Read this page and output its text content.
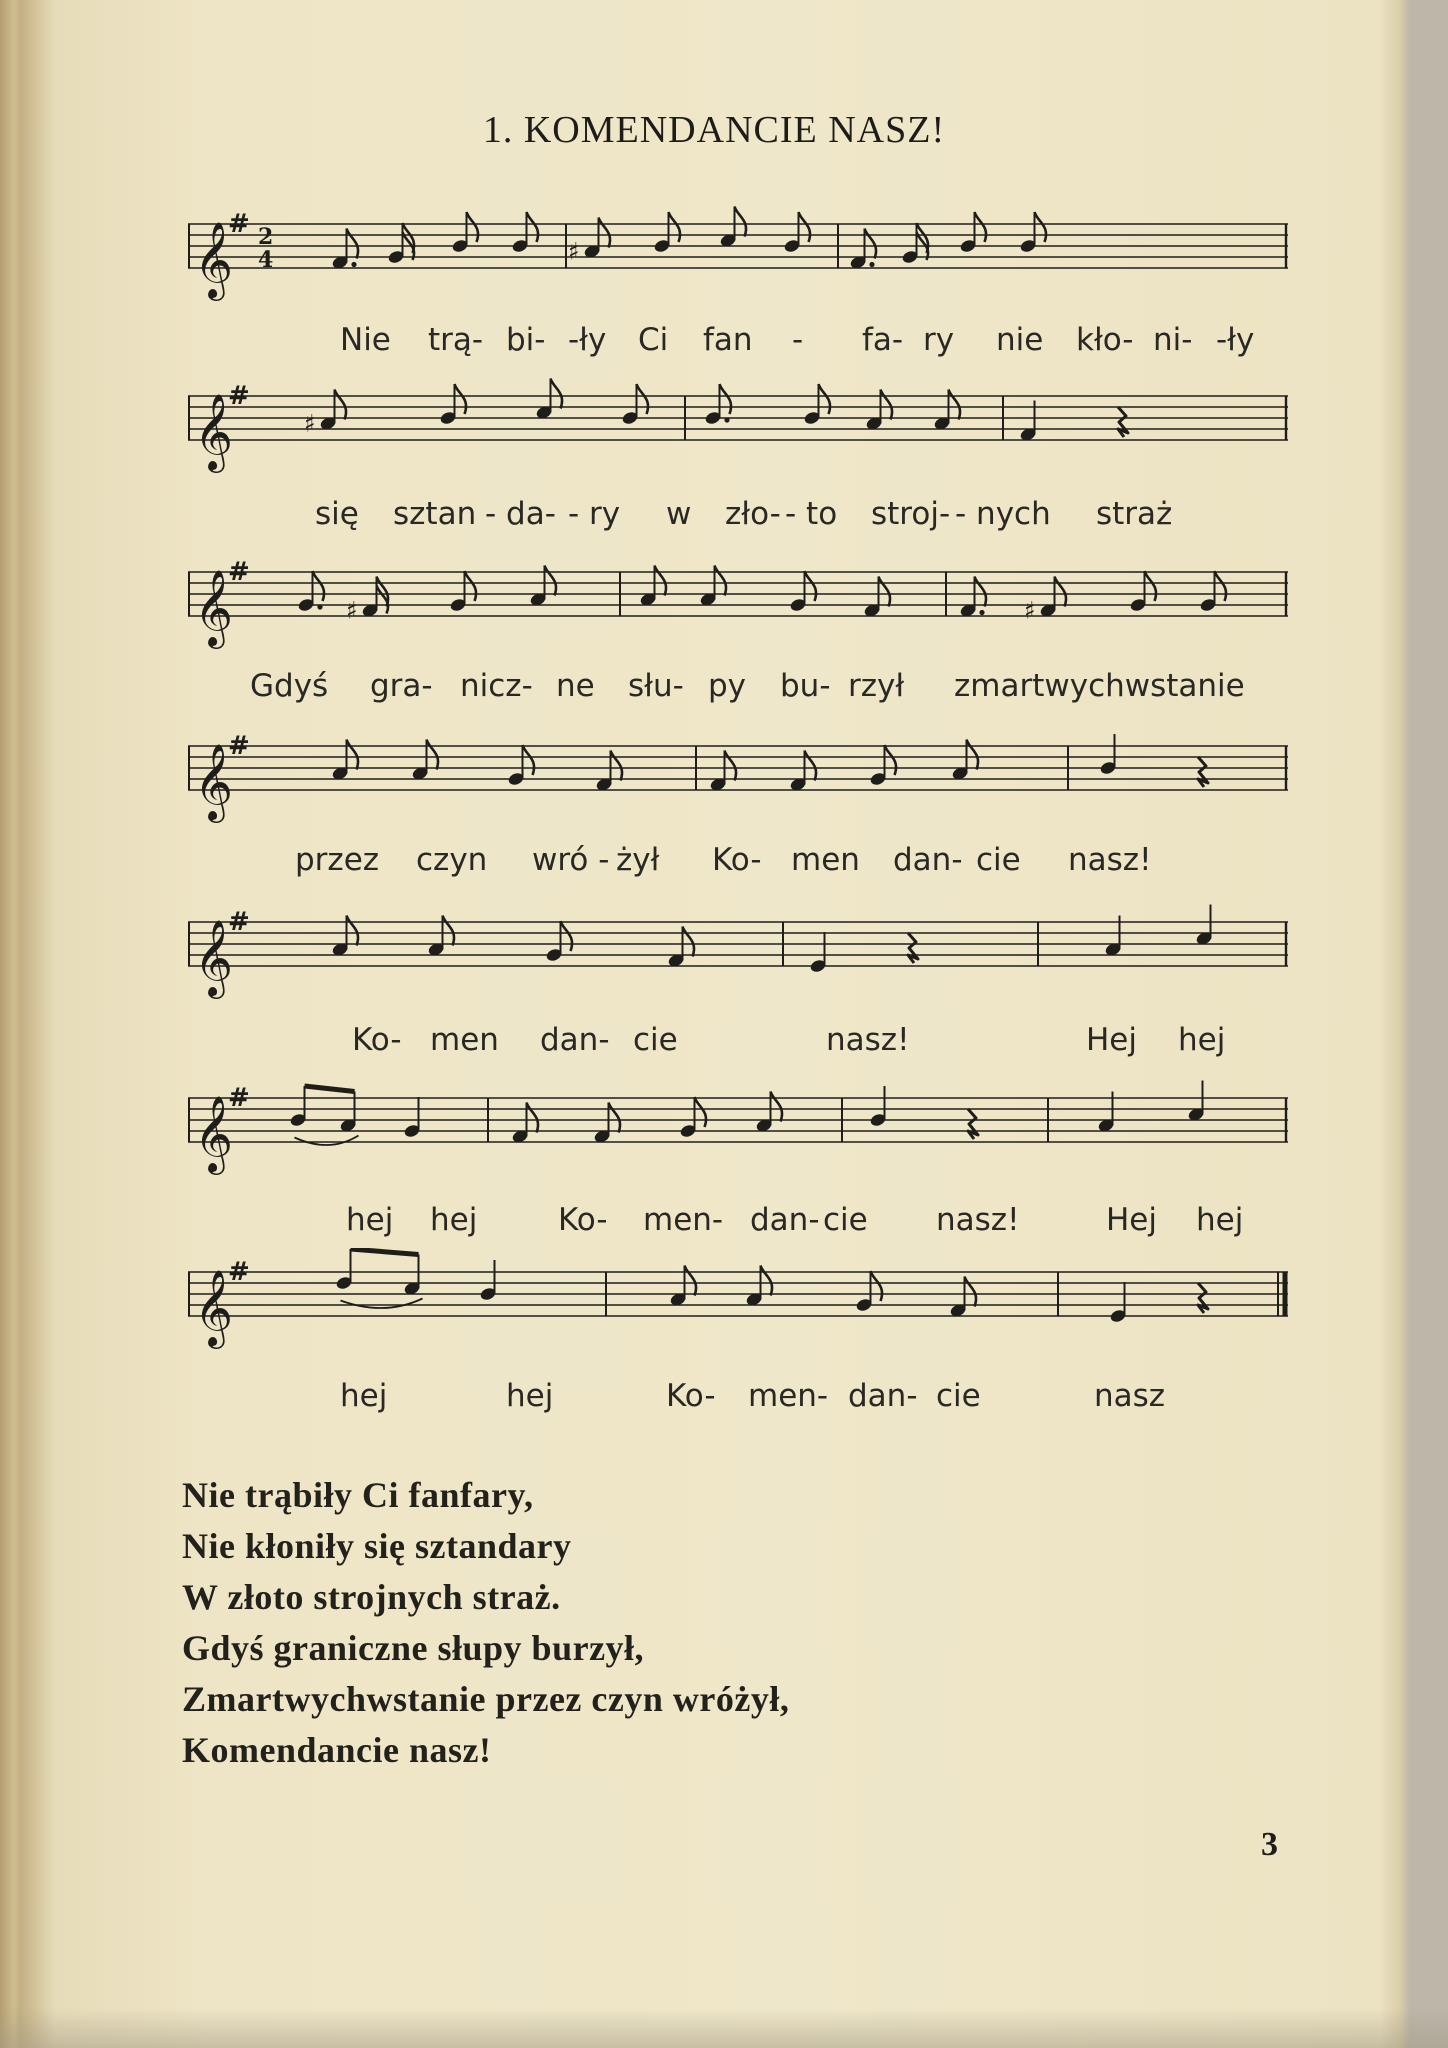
1. KOMENDANCIE NASZ!
𝄞
# 2
4	♯
Nie trą- bi- -ły Ci fan - fa- ry nie kło- ni- -ły
𝄞
#
♯
się sztan - da- - ry w zło- - to stroj- - nych straż
𝄞
#
♯	♯
Gdyś gra- nicz- ne słu- py bu- rzył zmartwychwstanie
𝄞
#
przez czyn wró - żył Ko- men dan- cie nasz!
𝄞
#
Ko- men dan- cie	nasz!	Hej hej
𝄞
#
hej hej	Ko- men- dan- cie nasz!	Hej hej
𝄞
#
hej	hej	Ko- men- dan- cie	nasz
Nie trąbiły Ci fanfary,
Nie kłoniły się sztandary
W złoto strojnych straż.
Gdyś graniczne słupy burzył,
Zmartwychwstanie przez czyn wróżył,
Komendancie nasz!
3
